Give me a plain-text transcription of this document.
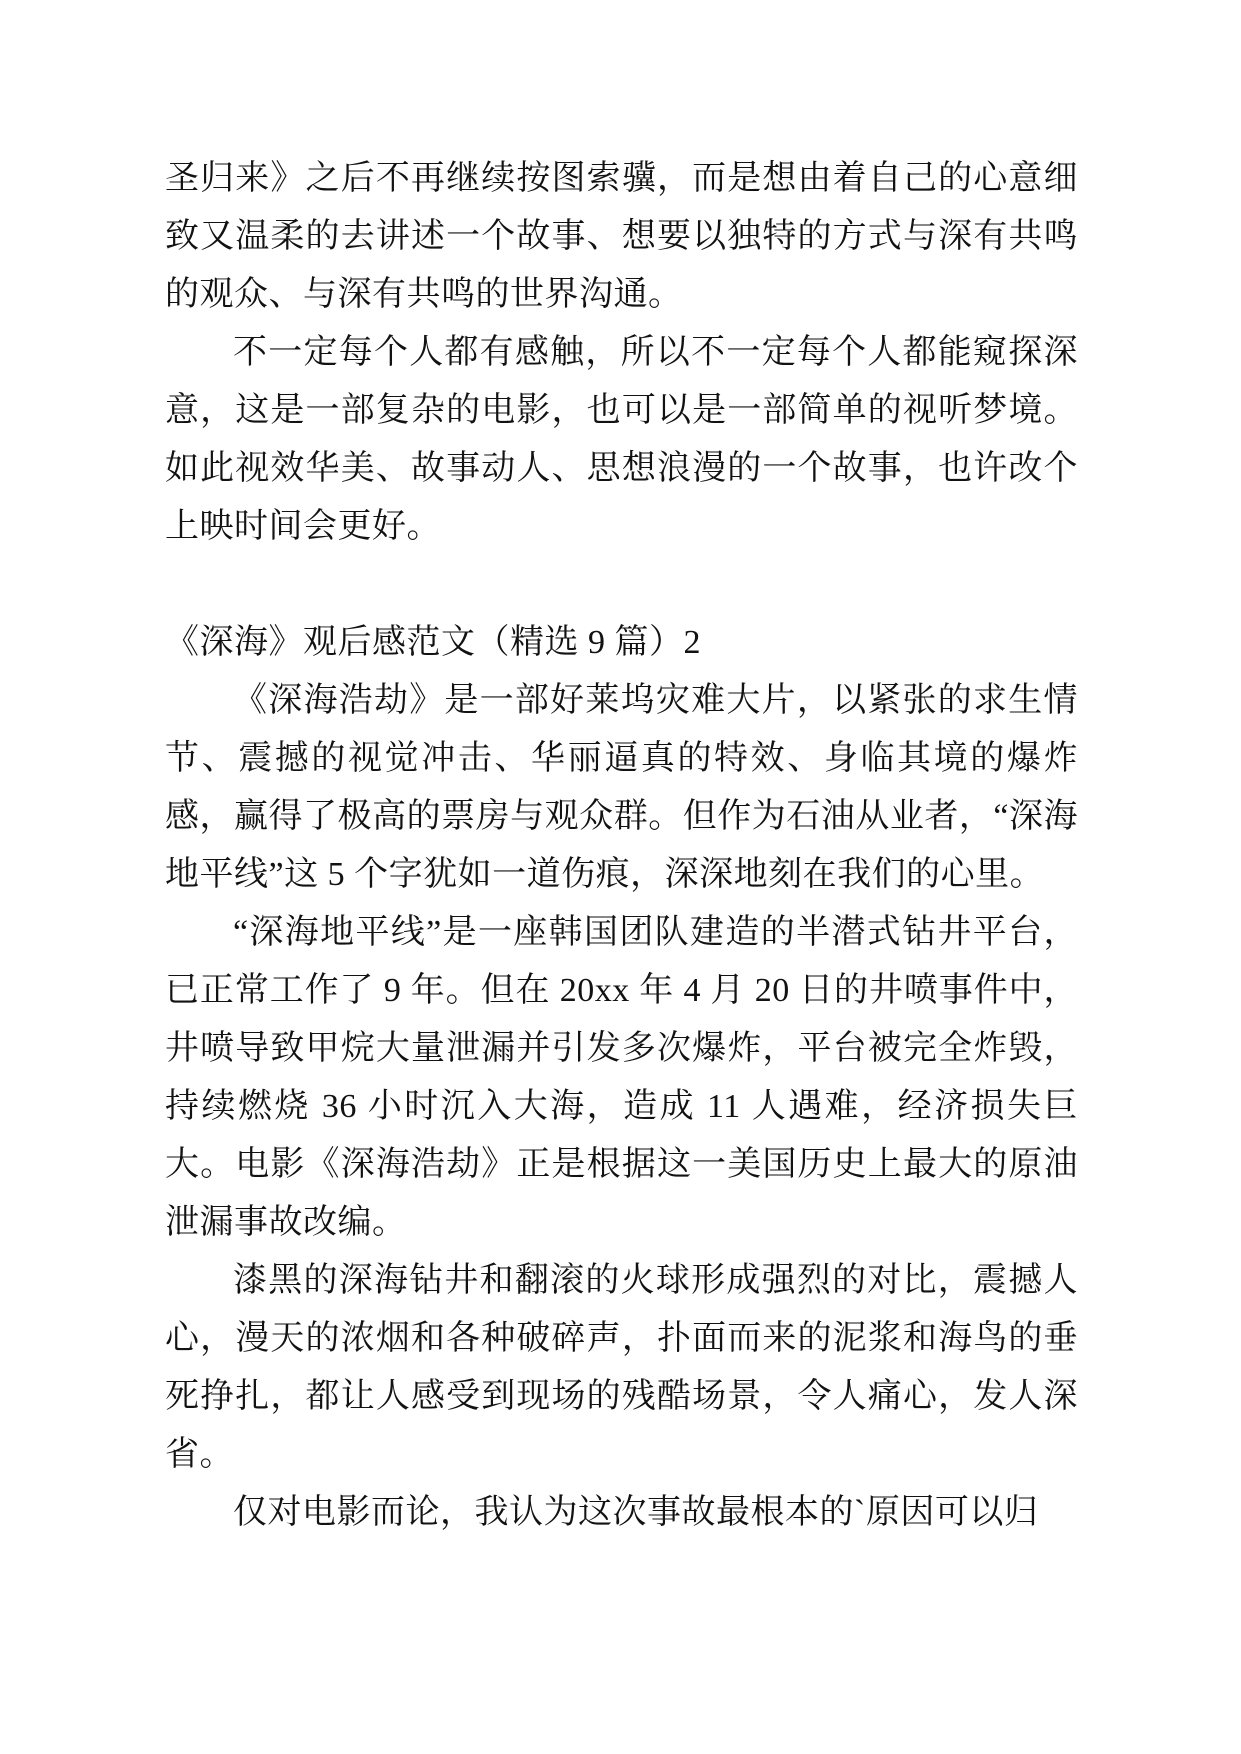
圣归来》之后不再继续按图索骥，而是想由着自己的心意细致又温柔的去讲述一个故事、想要以独特的方式与深有共鸣的观众、与深有共鸣的世界沟通。

不一定每个人都有感触，所以不一定每个人都能窥探深意，这是一部复杂的电影，也可以是一部简单的视听梦境。如此视效华美、故事动人、思想浪漫的一个故事，也许改个上映时间会更好。

《深海》观后感范文（精选 9 篇）2

《深海浩劫》是一部好莱坞灾难大片，以紧张的求生情节、震撼的视觉冲击、华丽逼真的特效、身临其境的爆炸感，赢得了极高的票房与观众群。但作为石油从业者，“深海地平线”这 5 个字犹如一道伤痕，深深地刻在我们的心里。

“深海地平线”是一座韩国团队建造的半潜式钻井平台，已正常工作了 9 年。但在 20xx 年 4 月 20 日的井喷事件中，井喷导致甲烷大量泄漏并引发多次爆炸，平台被完全炸毁，持续燃烧 36 小时沉入大海，造成 11 人遇难，经济损失巨大。电影《深海浩劫》正是根据这一美国历史上最大的原油泄漏事故改编。

漆黑的深海钻井和翻滚的火球形成强烈的对比，震撼人心，漫天的浓烟和各种破碎声，扑面而来的泥浆和海鸟的垂死挣扎，都让人感受到现场的残酷场景，令人痛心，发人深省。

仅对电影而论，我认为这次事故最根本的`原因可以归
